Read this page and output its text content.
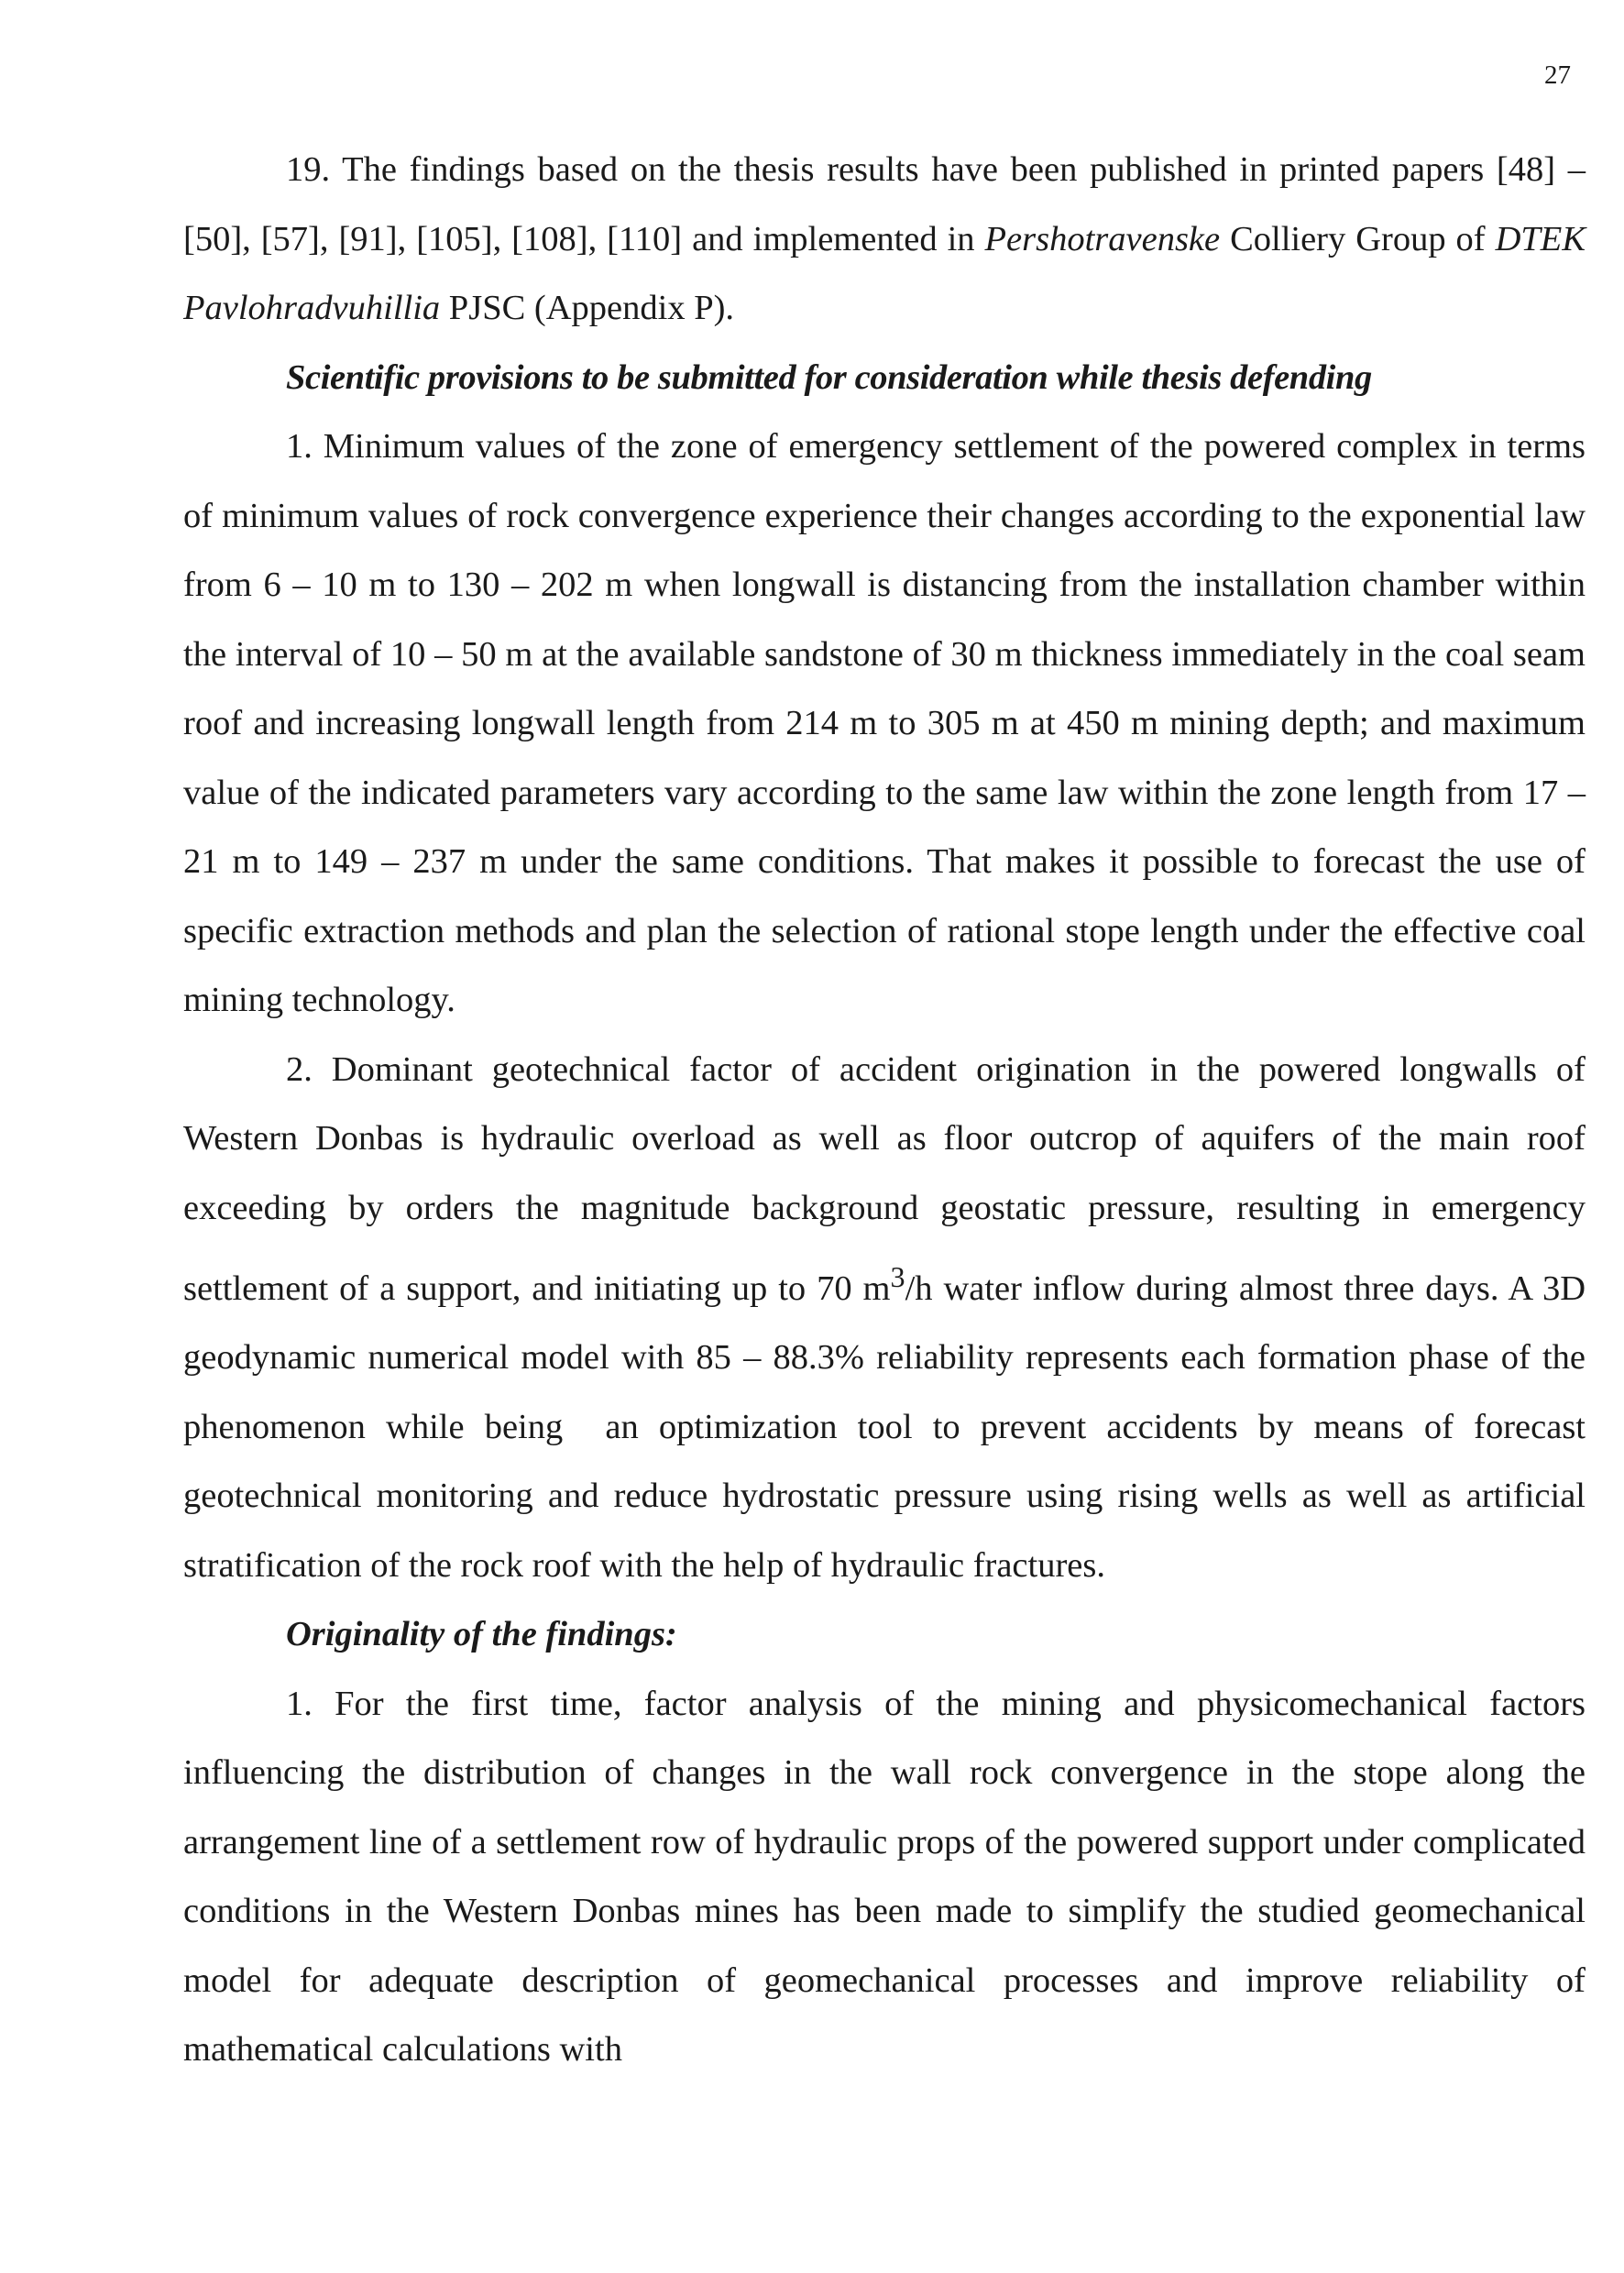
27

19. The findings based on the thesis results have been published in printed papers [48] – [50], [57], [91], [105], [108], [110] and implemented in Pershotravenske Colliery Group of DTEK Pavlohradvuhillia PJSC (Appendix P).

Scientific provisions to be submitted for consideration while thesis defending

1. Minimum values of the zone of emergency settlement of the powered complex in terms of minimum values of rock convergence experience their changes according to the exponential law from 6 – 10 m to 130 – 202 m when longwall is distancing from the installation chamber within the interval of 10 – 50 m at the available sandstone of 30 m thickness immediately in the coal seam roof and increasing longwall length from 214 m to 305 m at 450 m mining depth; and maximum value of the indicated parameters vary according to the same law within the zone length from 17 – 21 m to 149 – 237 m under the same conditions. That makes it possible to forecast the use of specific extraction methods and plan the selection of rational stope length under the effective coal mining technology.

2. Dominant geotechnical factor of accident origination in the powered longwalls of Western Donbas is hydraulic overload as well as floor outcrop of aquifers of the main roof exceeding by orders the magnitude background geostatic pressure, resulting in emergency settlement of a support, and initiating up to 70 $m^3/h$ water inflow during almost three days. A 3D geodynamic numerical model with 85 – 88.3% reliability represents each formation phase of the phenomenon while being an optimization tool to prevent accidents by means of forecast geotechnical monitoring and reduce hydrostatic pressure using rising wells as well as artificial stratification of the rock roof with the help of hydraulic fractures.

Originality of the findings:

1. For the first time, factor analysis of the mining and physicomechanical factors influencing the distribution of changes in the wall rock convergence in the stope along the arrangement line of a settlement row of hydraulic props of the powered support under complicated conditions in the Western Donbas mines has been made to simplify the studied geomechanical model for adequate description of geomechanical processes and improve reliability of mathematical calculations with
